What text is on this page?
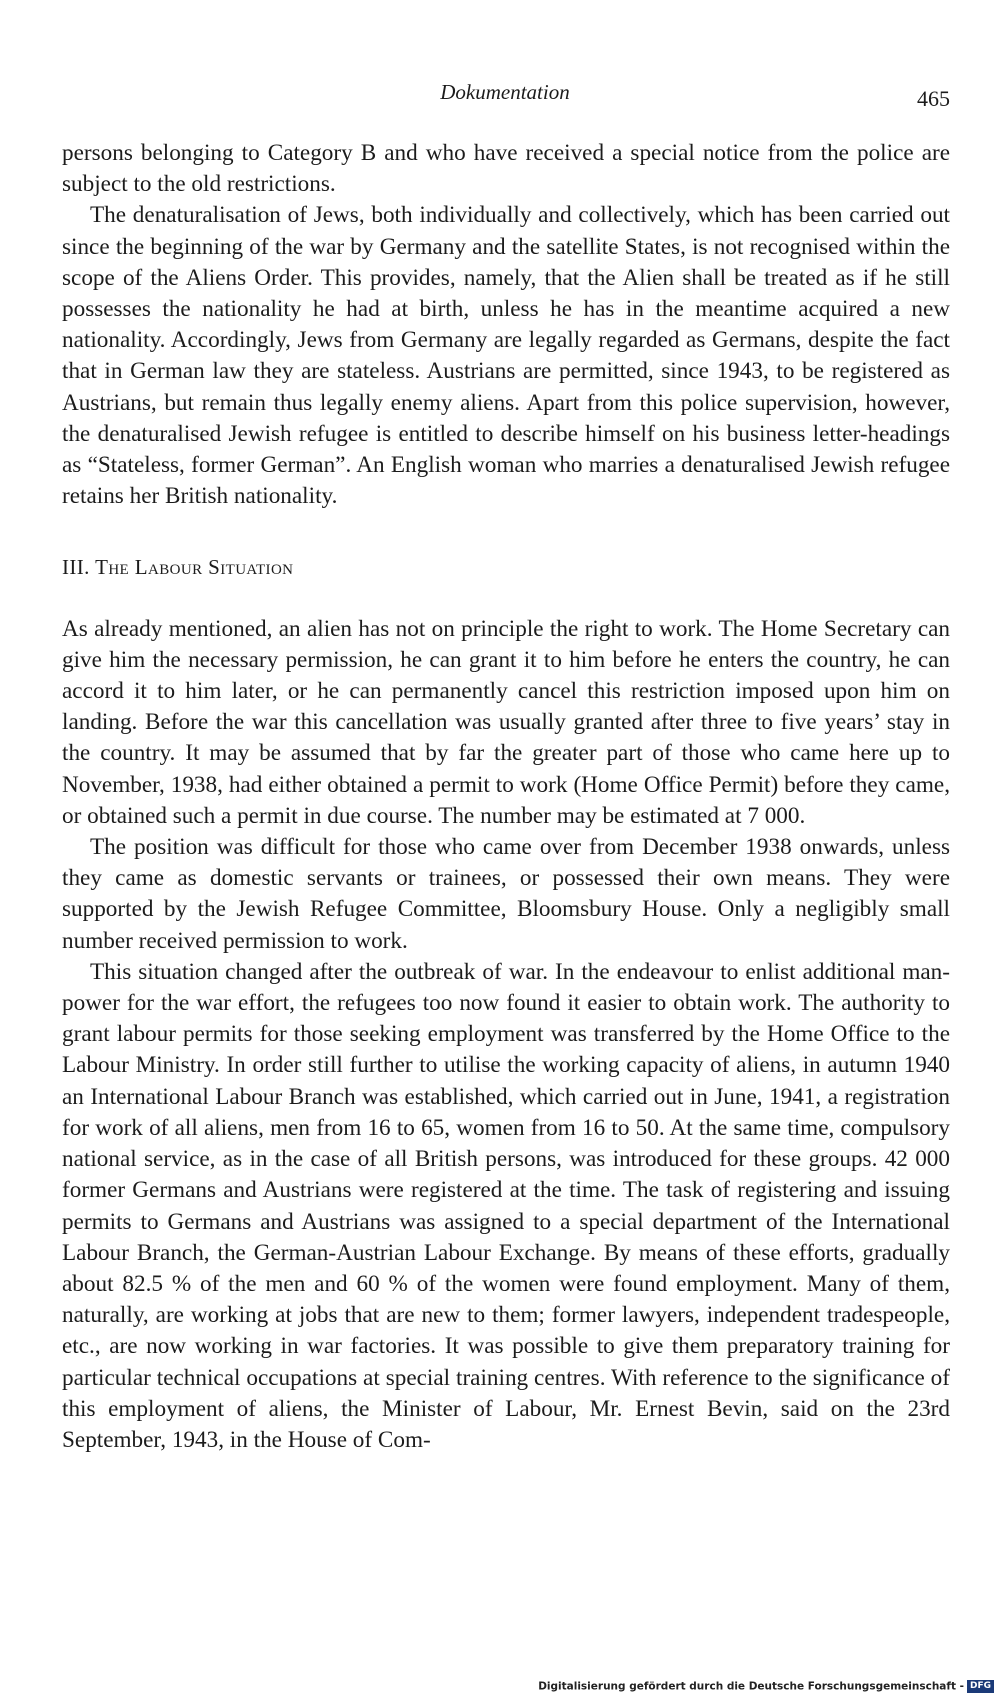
Dokumentation	465

persons belonging to Category B and who have received a special notice from the police are subject to the old restrictions.

The denaturalisation of Jews, both individually and collectively, which has been carried out since the beginning of the war by Germany and the satellite States, is not recognised within the scope of the Aliens Order. This provides, namely, that the Alien shall be treated as if he still possesses the nationality he had at birth, unless he has in the meantime acquired a new nationality. Accordingly, Jews from Germany are legally regarded as Germans, despite the fact that in German law they are stateless. Austrians are permitted, since 1943, to be registered as Austrians, but remain thus legally enemy aliens. Apart from this police supervision, however, the denaturalised Jewish refugee is entitled to describe himself on his business letter-headings as “Stateless, former German”. An English woman who marries a denaturalised Jewish refugee retains her British nationality.

III. The Labour Situation

As already mentioned, an alien has not on principle the right to work. The Home Secretary can give him the necessary permission, he can grant it to him before he enters the country, he can accord it to him later, or he can permanently cancel this restriction imposed upon him on landing. Before the war this cancellation was usually granted after three to five years’ stay in the country. It may be assumed that by far the greater part of those who came here up to November, 1938, had either obtained a permit to work (Home Office Permit) before they came, or obtained such a permit in due course. The number may be estimated at 7 000.

The position was difficult for those who came over from December 1938 onwards, unless they came as domestic servants or trainees, or possessed their own means. They were supported by the Jewish Refugee Committee, Bloomsbury House. Only a negligibly small number received permission to work.

This situation changed after the outbreak of war. In the endeavour to enlist additional man-power for the war effort, the refugees too now found it easier to obtain work. The authority to grant labour permits for those seeking employment was transferred by the Home Office to the Labour Ministry. In order still further to utilise the working capacity of aliens, in autumn 1940 an International Labour Branch was established, which carried out in June, 1941, a registration for work of all aliens, men from 16 to 65, women from 16 to 50. At the same time, compulsory national service, as in the case of all British persons, was introduced for these groups. 42 000 former Germans and Austrians were registered at the time. The task of registering and issuing permits to Germans and Austrians was assigned to a special department of the International Labour Branch, the German-Austrian Labour Exchange. By means of these efforts, gradually about 82.5 % of the men and 60 % of the women were found employment. Many of them, naturally, are working at jobs that are new to them; former lawyers, independent tradespeople, etc., are now working in war factories. It was possible to give them preparatory training for particular technical occupations at special training centres. With reference to the significance of this employment of aliens, the Minister of Labour, Mr. Ernest Bevin, said on the 23rd September, 1943, in the House of Com-

Digitalisierung gefördert durch die Deutsche Forschungsgemeinschaft - DFG
